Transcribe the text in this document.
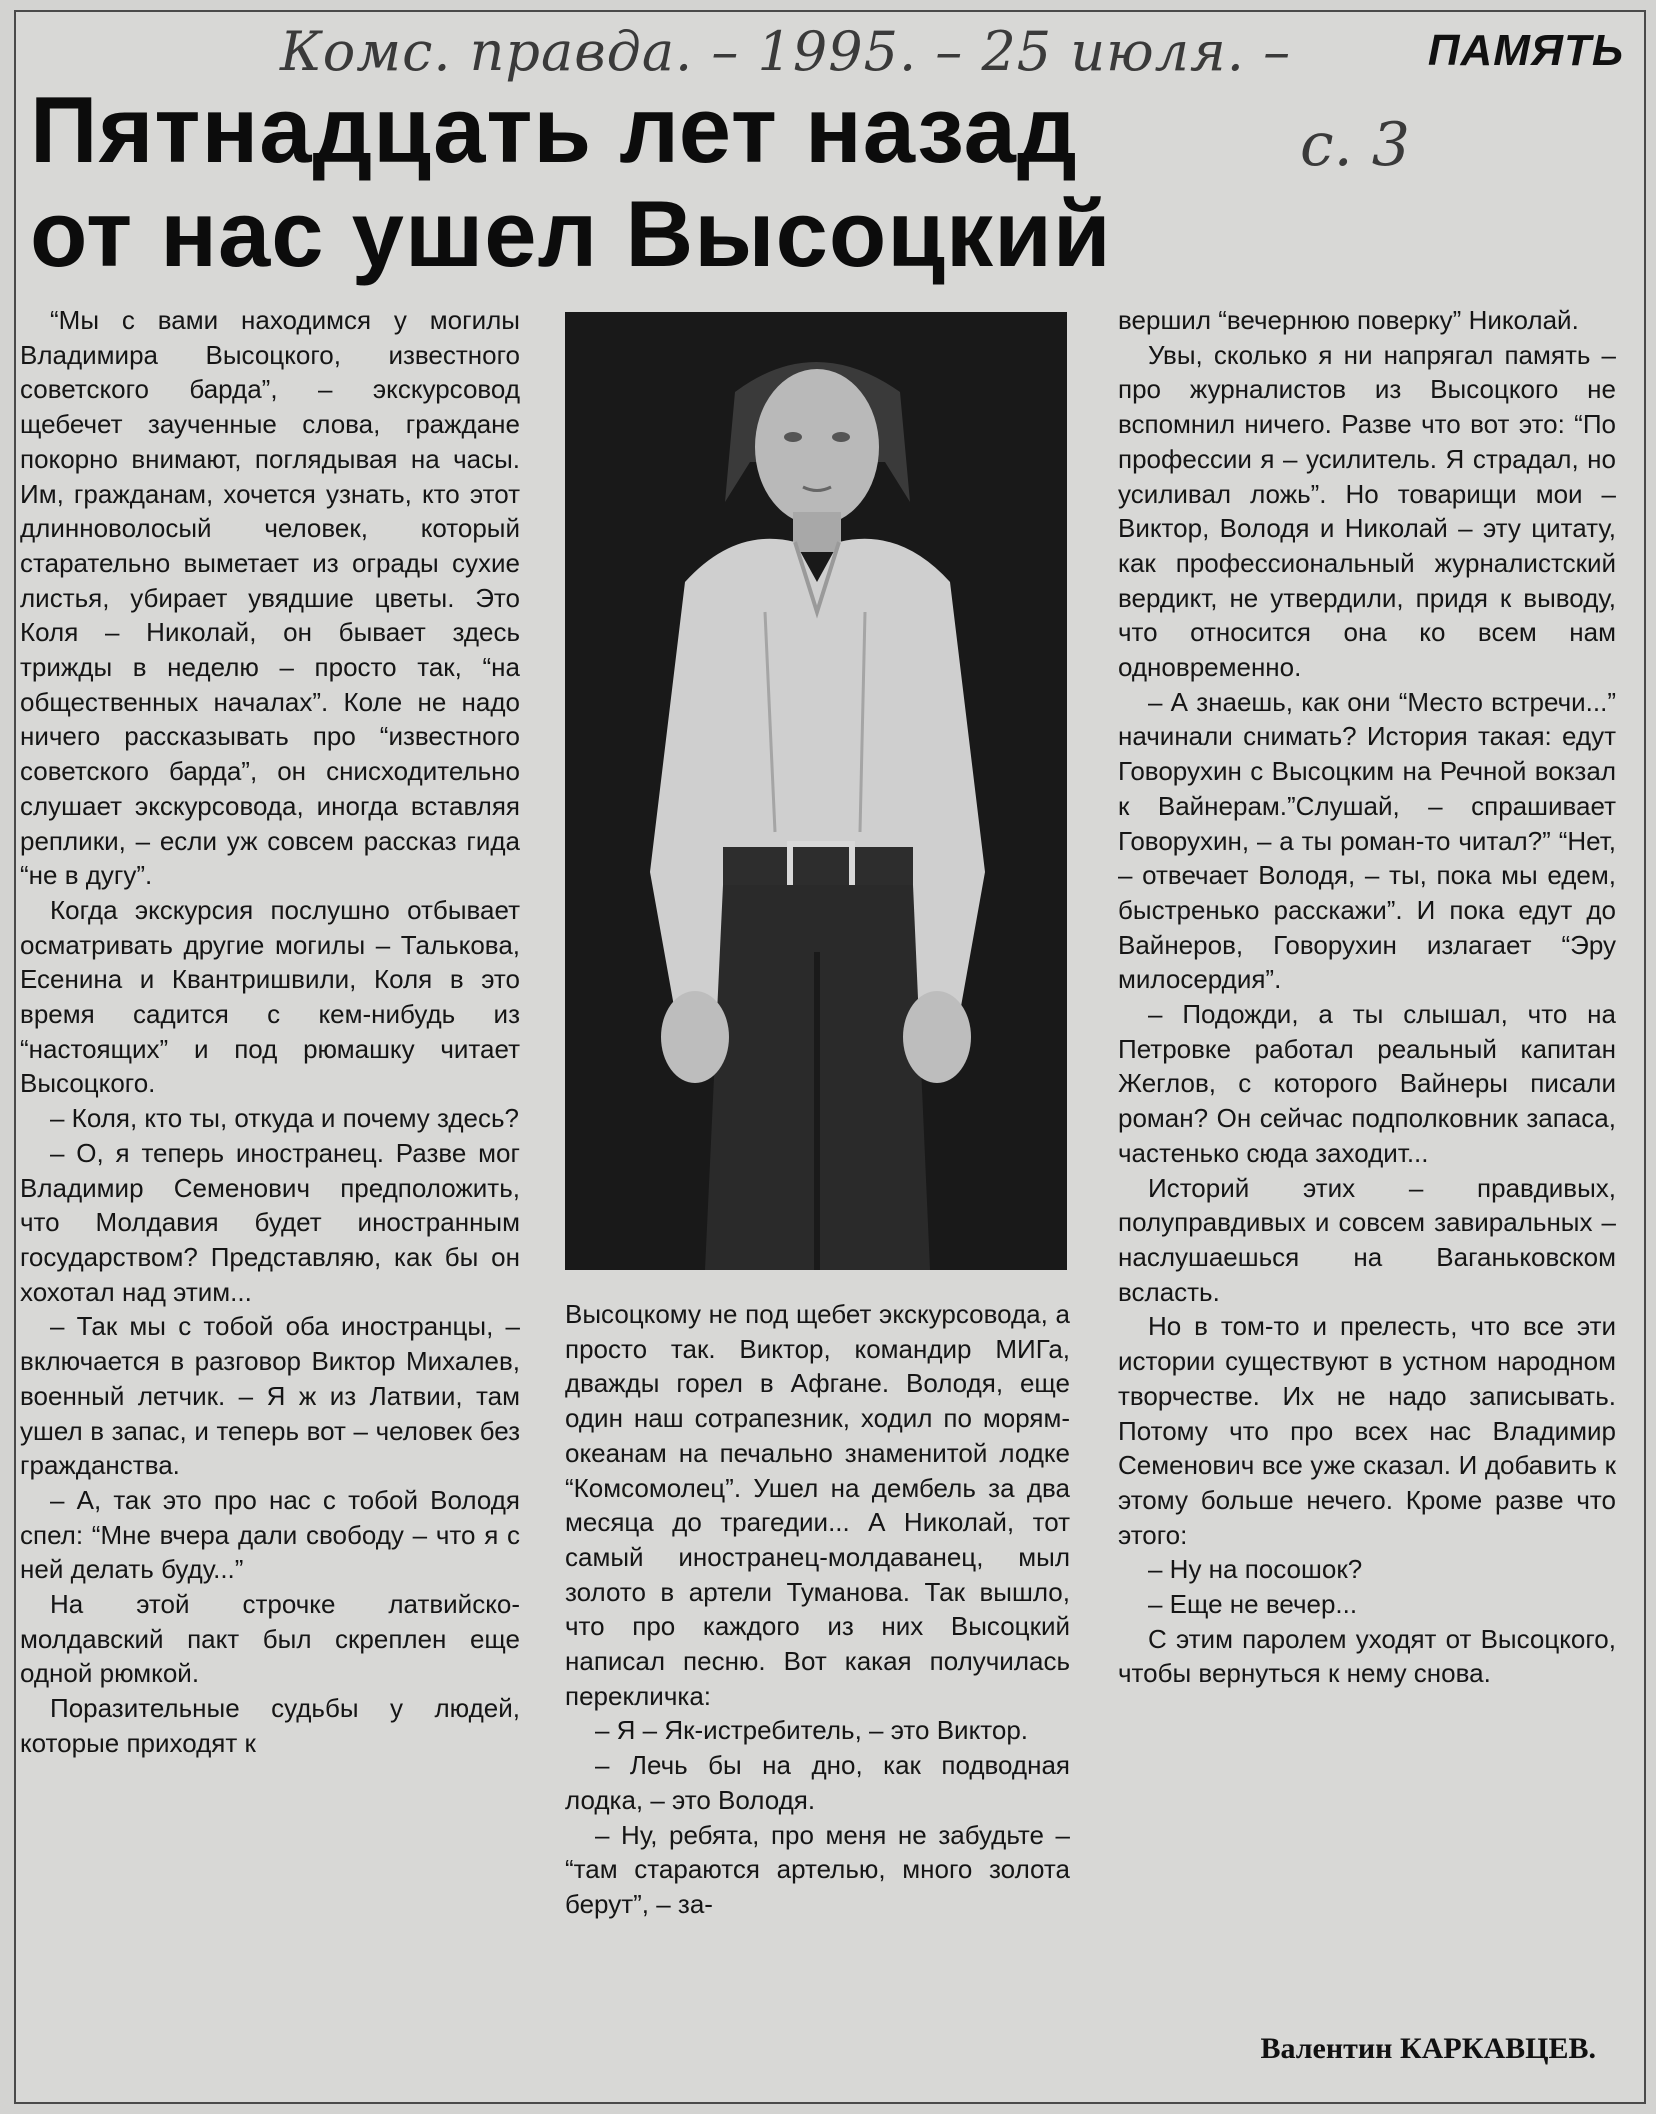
Комс. правда. – 1995. – 25 июля. –
с. 3
ПАМЯТЬ
Пятнадцать лет назад
от нас ушел Высоцкий

“Мы с вами находимся у могилы Владимира Высоцкого, известного советского барда”, – экскурсовод щебечет заученные слова, граждане покорно внимают, поглядывая на часы. Им, гражданам, хочется узнать, кто этот длинноволосый человек, который старательно выметает из ограды сухие листья, убирает увядшие цветы. Это Коля – Николай, он бывает здесь трижды в неделю – просто так, “на общественных началах”. Коле не надо ничего рассказывать про “известного советского барда”, он снисходительно слушает экскурсовода, иногда вставляя реплики, – если уж совсем рассказ гида “не в дугу”.

Когда экскурсия послушно отбывает осматривать другие могилы – Талькова, Есенина и Квантришвили, Коля в это время садится с кем-нибудь из “настоящих” и под рюмашку читает Высоцкого.

– Коля, кто ты, откуда и почему здесь?

– О, я теперь иностранец. Разве мог Владимир Семенович предположить, что Молдавия будет иностранным государством? Представляю, как бы он хохотал над этим...

– Так мы с тобой оба иностранцы, – включается в разговор Виктор Михалев, военный летчик. – Я ж из Латвии, там ушел в запас, и теперь вот – человек без гражданства.

– А, так это про нас с тобой Володя спел: “Мне вчера дали свободу – что я с ней делать буду...”

На этой строчке латвийско-молдавский пакт был скреплен еще одной рюмкой.

Поразительные судьбы у людей, которые приходят к

Высоцкому не под щебет экскурсовода, а просто так. Виктор, командир МИГа, дважды горел в Афгане. Володя, еще один наш сотрапезник, ходил по морям-океанам на печально знаменитой лодке “Комсомолец”. Ушел на дембель за два месяца до трагедии... А Николай, тот самый иностранец-молдаванец, мыл золото в артели Туманова. Так вышло, что про каждого из них Высоцкий написал песню. Вот какая получилась перекличка:

– Я – Як-истребитель, – это Виктор.

– Лечь бы на дно, как подводная лодка, – это Володя.

– Ну, ребята, про меня не забудьте – “там стараются артелью, много золота берут”, – за-

вершил “вечернюю поверку” Николай.

Увы, сколько я ни напрягал память – про журналистов из Высоцкого не вспомнил ничего. Разве что вот это: “По профессии я – усилитель. Я страдал, но усиливал ложь”. Но товарищи мои – Виктор, Володя и Николай – эту цитату, как профессиональный журналистский вердикт, не утвердили, придя к выводу, что относится она ко всем нам одновременно.

– А знаешь, как они “Место встречи...” начинали снимать? История такая: едут Говорухин с Высоцким на Речной вокзал к Вайнерам.”Слушай, – спрашивает Говорухин, – а ты роман-то читал?” “Нет, – отвечает Володя, – ты, пока мы едем, быстренько расскажи”. И пока едут до Вайнеров, Говорухин излагает “Эру милосердия”.

– Подожди, а ты слышал, что на Петровке работал реальный капитан Жеглов, с которого Вайнеры писали роман? Он сейчас подполковник запаса, частенько сюда заходит...

Историй этих – правдивых, полуправдивых и совсем завиральных – наслушаешься на Ваганьковском всласть.

Но в том-то и прелесть, что все эти истории существуют в устном народном творчестве. Их не надо записывать. Потому что про всех нас Владимир Семенович все уже сказал. И добавить к этому больше нечего. Кроме разве что этого:

– Ну на посошок?

– Еще не вечер...

С этим паролем уходят от Высоцкого, чтобы вернуться к нему снова.

Валентин КАРКАВЦЕВ.
